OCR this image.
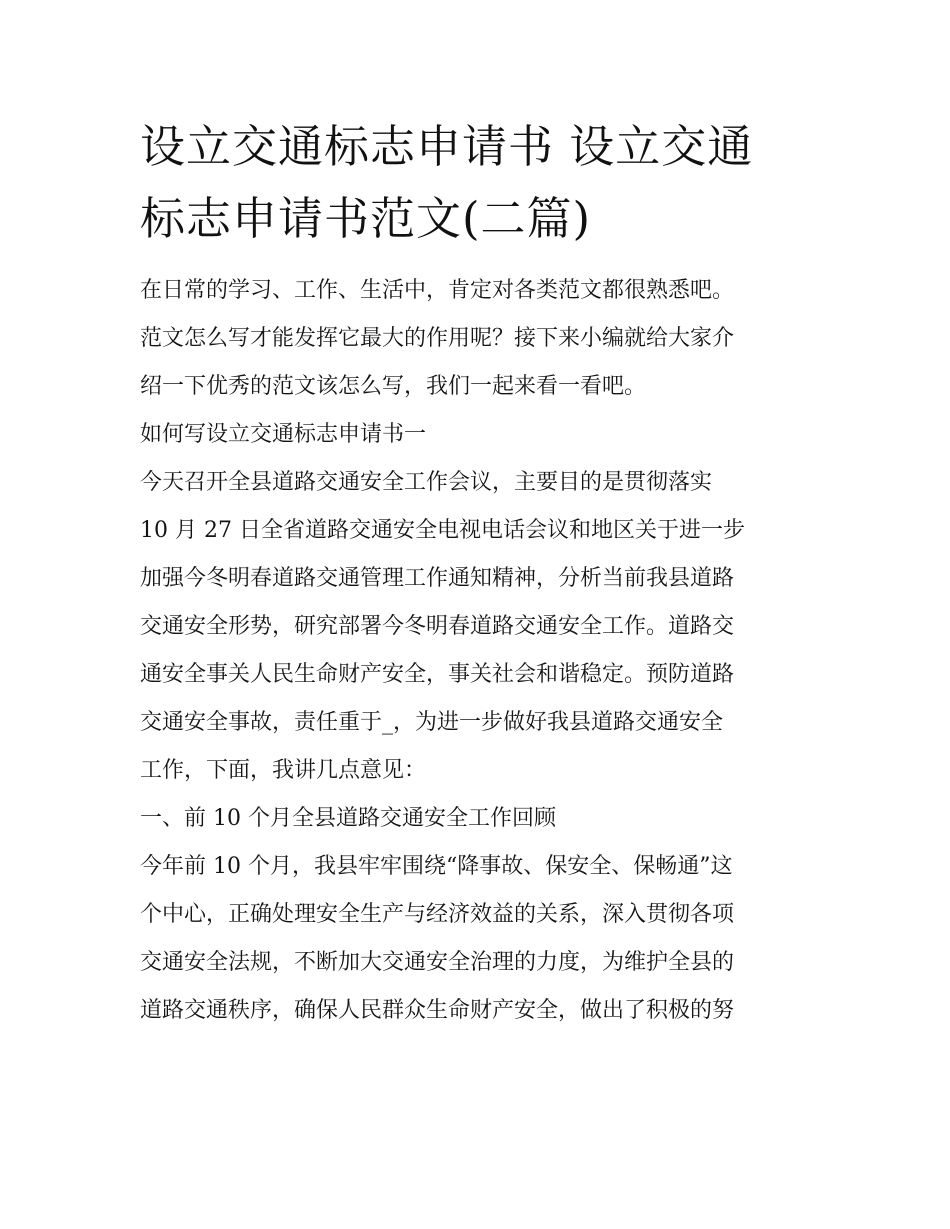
设立交通标志申请书 设立交通
标志申请书范文(二篇)
在日常的学习、工作、生活中，肯定对各类范文都很熟悉吧。
范文怎么写才能发挥它最大的作用呢？接下来小编就给大家介
绍一下优秀的范文该怎么写，我们一起来看一看吧。
如何写设立交通标志申请书一
今天召开全县道路交通安全工作会议，主要目的是贯彻落实
10 月 27 日全省道路交通安全电视电话会议和地区关于进一步
加强今冬明春道路交通管理工作通知精神，分析当前我县道路
交通安全形势，研究部署今冬明春道路交通安全工作。道路交
通安全事关人民生命财产安全，事关社会和谐稳定。预防道路
交通安全事故，责任重于_，为进一步做好我县道路交通安全
工作，下面，我讲几点意见：
一、前 10 个月全县道路交通安全工作回顾
今年前 10 个月，我县牢牢围绕“降事故、保安全、保畅通”这
个中心，正确处理安全生产与经济效益的关系，深入贯彻各项
交通安全法规，不断加大交通安全治理的力度，为维护全县的
道路交通秩序，确保人民群众生命财产安全，做出了积极的努
